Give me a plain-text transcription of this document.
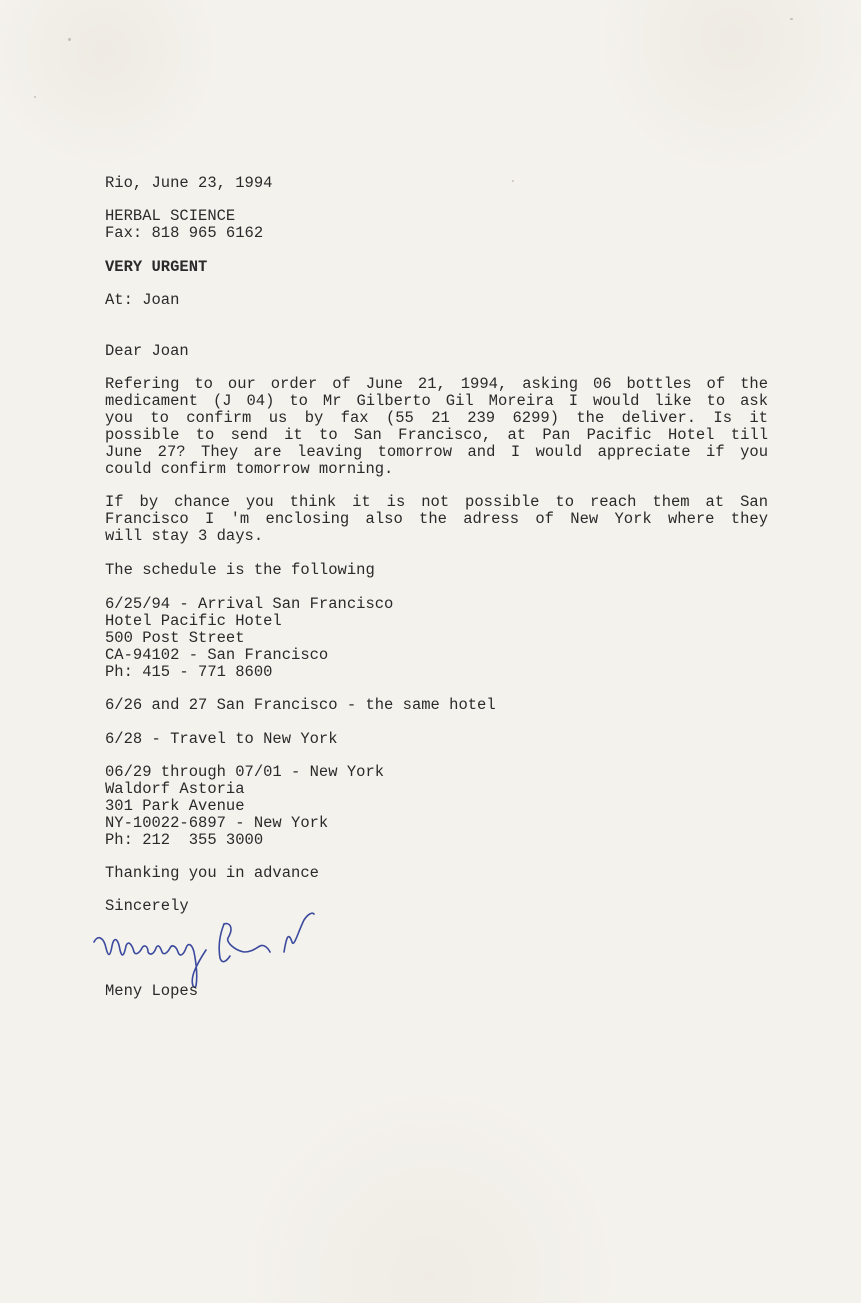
Rio, June 23, 1994

HERBAL SCIENCE

Fax: 818 965 6162

VERY URGENT

At: Joan

Dear Joan

Refering to our order of June 21, 1994, asking 06 bottles of the
medicament (J 04) to Mr Gilberto Gil Moreira I would like to ask
you to confirm us by fax (55 21 239 6299) the deliver. Is it
possible to send it to San Francisco, at Pan Pacific Hotel till
June 27? They are leaving tomorrow and I would appreciate if you
could confirm tomorrow morning.
If by chance you think it is not possible to reach them at San
Francisco I 'm enclosing also the adress of New York where they
will stay 3 days.

The schedule is the following

6/25/94 - Arrival San Francisco

Hotel Pacific Hotel

500 Post Street

CA-94102 - San Francisco

Ph: 415 - 771 8600

6/26 and 27 San Francisco - the same hotel

6/28 - Travel to New York

06/29 through 07/01 - New York

Waldorf Astoria

301 Park Avenue

NY-10022-6897 - New York

Ph: 212  355 3000

Thanking you in advance

Sincerely

Meny Lopes
